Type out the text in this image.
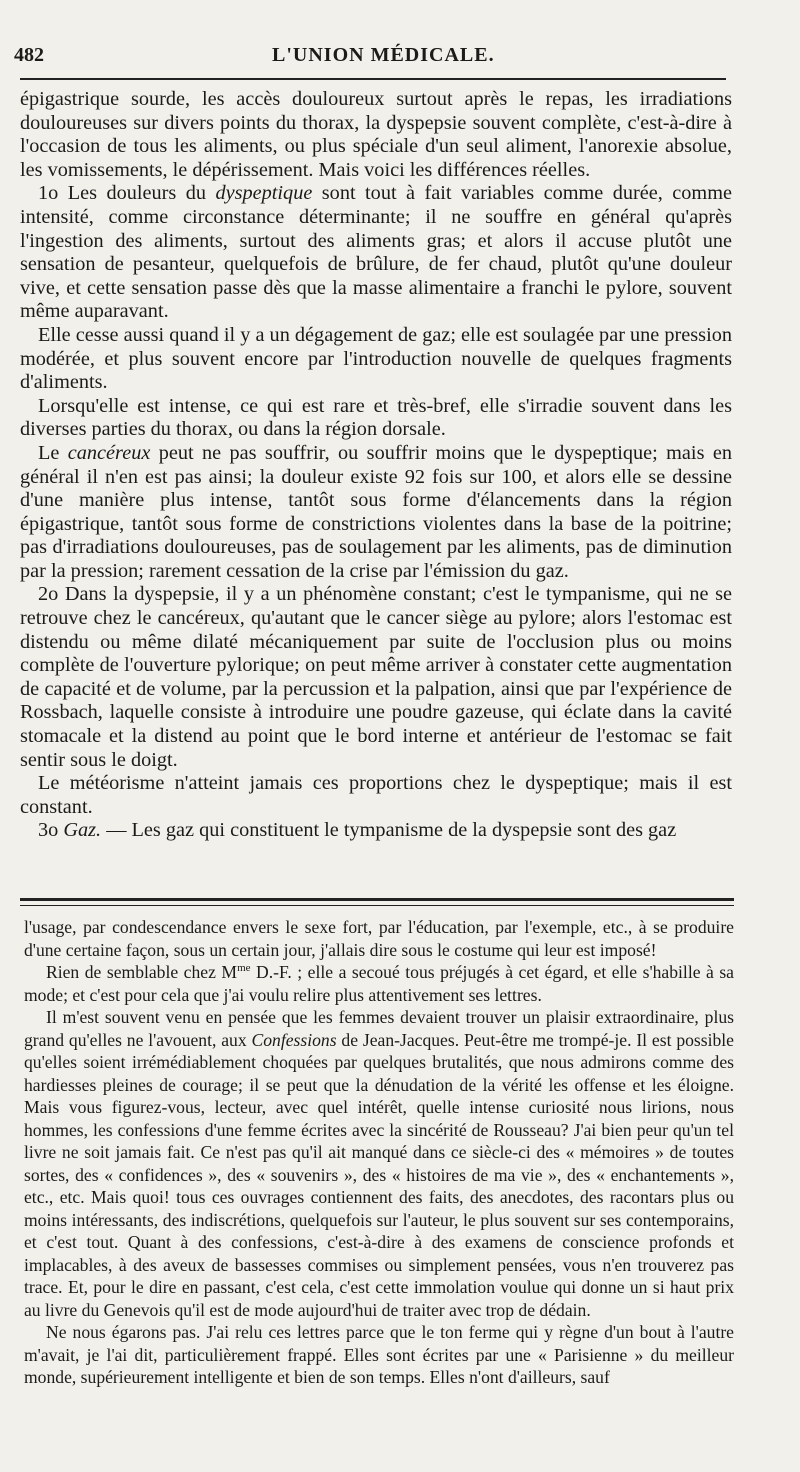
482	L'UNION MÉDICALE.

épigastrique sourde, les accès douloureux surtout après le repas, les irradiations douloureuses sur divers points du thorax, la dyspepsie souvent complète, c'est-à-dire à l'occasion de tous les aliments, ou plus spéciale d'un seul aliment, l'anorexie absolue, les vomissements, le dépérissement. Mais voici les différences réelles.

1o Les douleurs du dyspeptique sont tout à fait variables comme durée, comme intensité, comme circonstance déterminante; il ne souffre en général qu'après l'ingestion des aliments, surtout des aliments gras; et alors il accuse plutôt une sensation de pesanteur, quelquefois de brûlure, de fer chaud, plutôt qu'une douleur vive, et cette sensation passe dès que la masse alimentaire a franchi le pylore, souvent même auparavant.

Elle cesse aussi quand il y a un dégagement de gaz; elle est soulagée par une pression modérée, et plus souvent encore par l'introduction nouvelle de quelques fragments d'aliments.

Lorsqu'elle est intense, ce qui est rare et très-bref, elle s'irradie souvent dans les diverses parties du thorax, ou dans la région dorsale.

Le cancéreux peut ne pas souffrir, ou souffrir moins que le dyspeptique; mais en général il n'en est pas ainsi; la douleur existe 92 fois sur 100, et alors elle se dessine d'une manière plus intense, tantôt sous forme d'élancements dans la région épigastrique, tantôt sous forme de constrictions violentes dans la base de la poitrine; pas d'irradiations douloureuses, pas de soulagement par les aliments, pas de diminution par la pression; rarement cessation de la crise par l'émission du gaz.

2o Dans la dyspepsie, il y a un phénomène constant; c'est le tympanisme, qui ne se retrouve chez le cancéreux, qu'autant que le cancer siège au pylore; alors l'estomac est distendu ou même dilaté mécaniquement par suite de l'occlusion plus ou moins complète de l'ouverture pylorique; on peut même arriver à constater cette augmentation de capacité et de volume, par la percussion et la palpation, ainsi que par l'expérience de Rossbach, laquelle consiste à introduire une poudre gazeuse, qui éclate dans la cavité stomacale et la distend au point que le bord interne et antérieur de l'estomac se fait sentir sous le doigt.

Le météorisme n'atteint jamais ces proportions chez le dyspeptique; mais il est constant.

3o Gaz. — Les gaz qui constituent le tympanisme de la dyspepsie sont des gaz

l'usage, par condescendance envers le sexe fort, par l'éducation, par l'exemple, etc., à se produire d'une certaine façon, sous un certain jour, j'allais dire sous le costume qui leur est imposé!

Rien de semblable chez $M^{me}$ D.-F. ; elle a secoué tous préjugés à cet égard, et elle s'habille à sa mode; et c'est pour cela que j'ai voulu relire plus attentivement ses lettres.

Il m'est souvent venu en pensée que les femmes devaient trouver un plaisir extraordinaire, plus grand qu'elles ne l'avouent, aux Confessions de Jean-Jacques. Peut-être me trompé-je. Il est possible qu'elles soient irrémédiablement choquées par quelques brutalités, que nous admirons comme des hardiesses pleines de courage; il se peut que la dénudation de la vérité les offense et les éloigne. Mais vous figurez-vous, lecteur, avec quel intérêt, quelle intense curiosité nous lirions, nous hommes, les confessions d'une femme écrites avec la sincérité de Rousseau? J'ai bien peur qu'un tel livre ne soit jamais fait. Ce n'est pas qu'il ait manqué dans ce siècle-ci des « mémoires » de toutes sortes, des « confidences », des « souvenirs », des « histoires de ma vie », des « enchantements », etc., etc. Mais quoi! tous ces ouvrages contiennent des faits, des anecdotes, des racontars plus ou moins intéressants, des indiscrétions, quelquefois sur l'auteur, le plus souvent sur ses contemporains, et c'est tout. Quant à des confessions, c'est-à-dire à des examens de conscience profonds et implacables, à des aveux de bassesses commises ou simplement pensées, vous n'en trouverez pas trace. Et, pour le dire en passant, c'est cela, c'est cette immolation voulue qui donne un si haut prix au livre du Genevois qu'il est de mode aujourd'hui de traiter avec trop de dédain.

Ne nous égarons pas. J'ai relu ces lettres parce que le ton ferme qui y règne d'un bout à l'autre m'avait, je l'ai dit, particulièrement frappé. Elles sont écrites par une « Parisienne » du meilleur monde, supérieurement intelligente et bien de son temps. Elles n'ont d'ailleurs, sauf
